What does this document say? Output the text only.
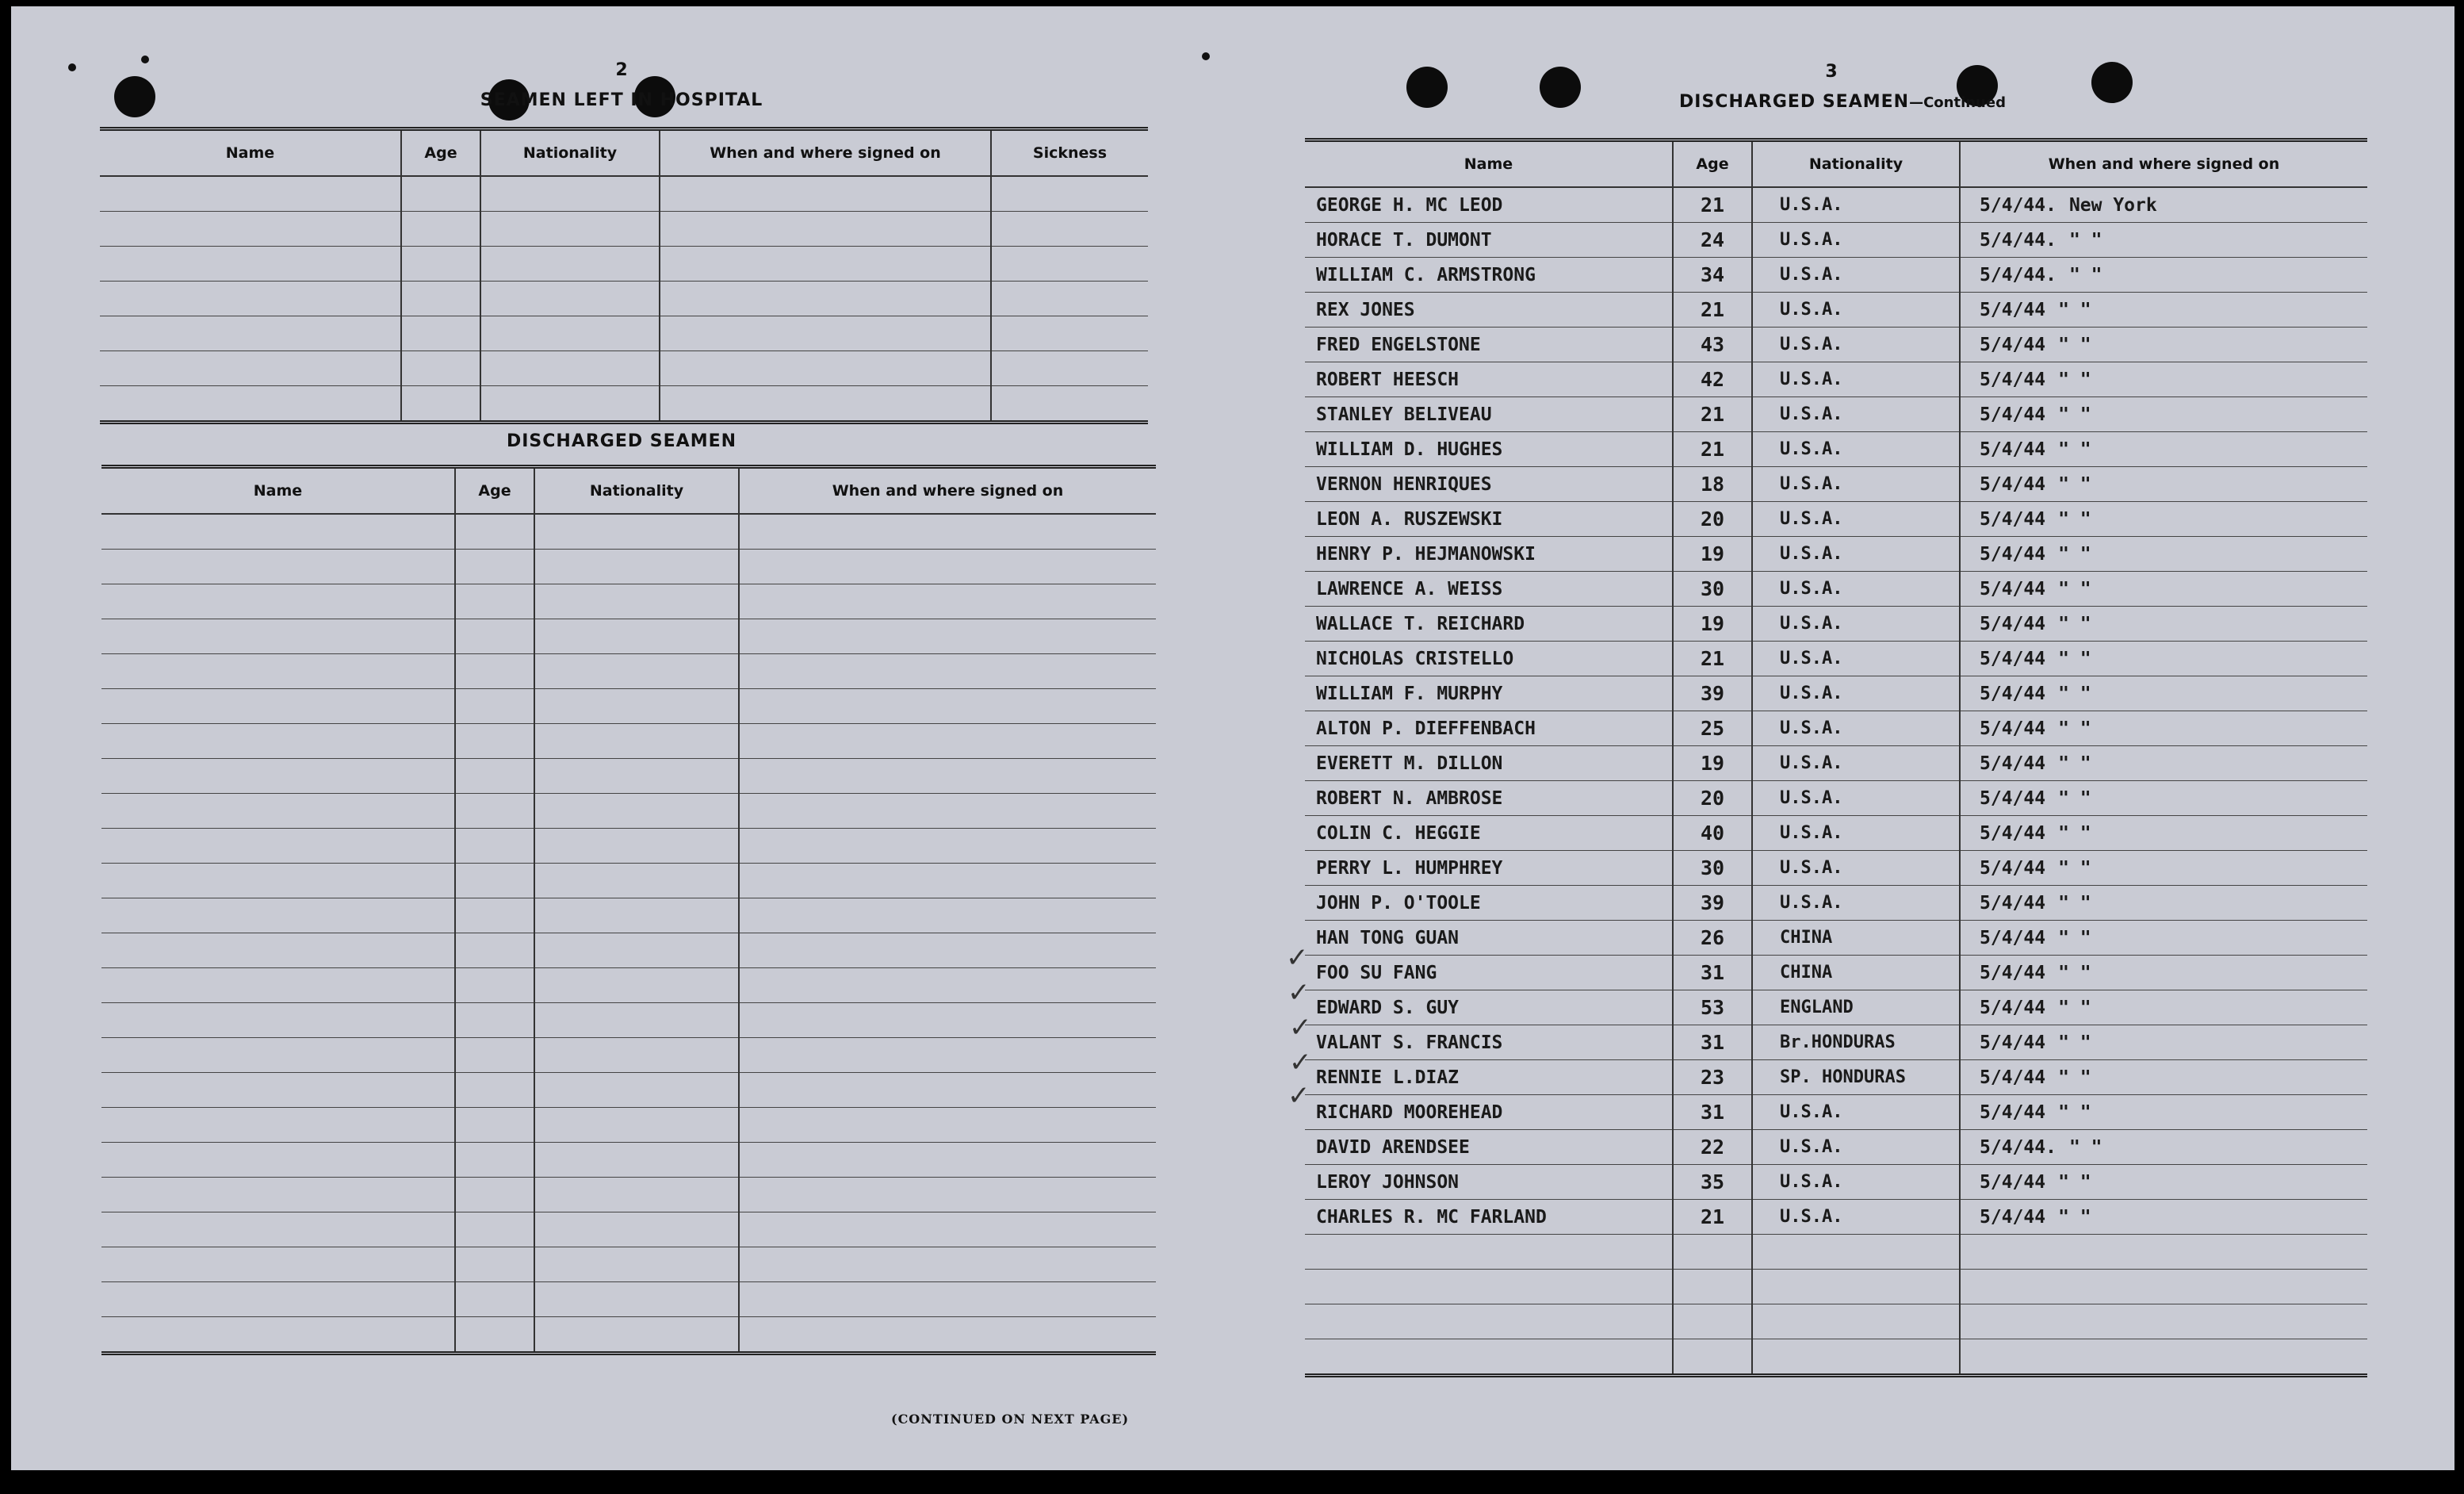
2
SEAMEN LEFT IN HOSPITAL
Name	Age	Nationality	When and where signed on	Sickness

DISCHARGED SEAMEN
Name	Age	Nationality	When and where signed on

(CONTINUED ON NEXT PAGE)
3
DISCHARGED SEAMEN—Continued
Name	Age	Nationality	When and where signed on
GEORGE H. MC LEOD	21	U.S.A.	5/4/44. New York
HORACE T. DUMONT	24	U.S.A.	5/4/44. " "
WILLIAM C. ARMSTRONG	34	U.S.A.	5/4/44. " "
REX JONES	21	U.S.A.	5/4/44 " "
FRED ENGELSTONE	43	U.S.A.	5/4/44 " "
ROBERT HEESCH	42	U.S.A.	5/4/44 " "
STANLEY BELIVEAU	21	U.S.A.	5/4/44 " "
WILLIAM D. HUGHES	21	U.S.A.	5/4/44 " "
VERNON HENRIQUES	18	U.S.A.	5/4/44 " "
LEON A. RUSZEWSKI	20	U.S.A.	5/4/44 " "
HENRY P. HEJMANOWSKI	19	U.S.A.	5/4/44 " "
LAWRENCE A. WEISS	30	U.S.A.	5/4/44 " "
WALLACE T. REICHARD	19	U.S.A.	5/4/44 " "
NICHOLAS CRISTELLO	21	U.S.A.	5/4/44 " "
WILLIAM F. MURPHY	39	U.S.A.	5/4/44 " "
ALTON P. DIEFFENBACH	25	U.S.A.	5/4/44 " "
EVERETT M. DILLON	19	U.S.A.	5/4/44 " "
ROBERT N. AMBROSE	20	U.S.A.	5/4/44 " "
COLIN C. HEGGIE	40	U.S.A.	5/4/44 " "
PERRY L. HUMPHREY	30	U.S.A.	5/4/44 " "
JOHN P. O'TOOLE	39	U.S.A.	5/4/44 " "
HAN TONG GUAN	26	CHINA	5/4/44 " "
FOO SU FANG	31	CHINA	5/4/44 " "
EDWARD S. GUY	53	ENGLAND	5/4/44 " "
VALANT S. FRANCIS	31	Br.HONDURAS	5/4/44 " "
RENNIE L.DIAZ	23	SP. HONDURAS	5/4/44 " "
RICHARD MOOREHEAD	31	U.S.A.	5/4/44 " "
DAVID ARENDSEE	22	U.S.A.	5/4/44. " "
LEROY JOHNSON	35	U.S.A.	5/4/44 " "
CHARLES R. MC FARLAND	21	U.S.A.	5/4/44 " "

✓
✓
✓
✓
✓
